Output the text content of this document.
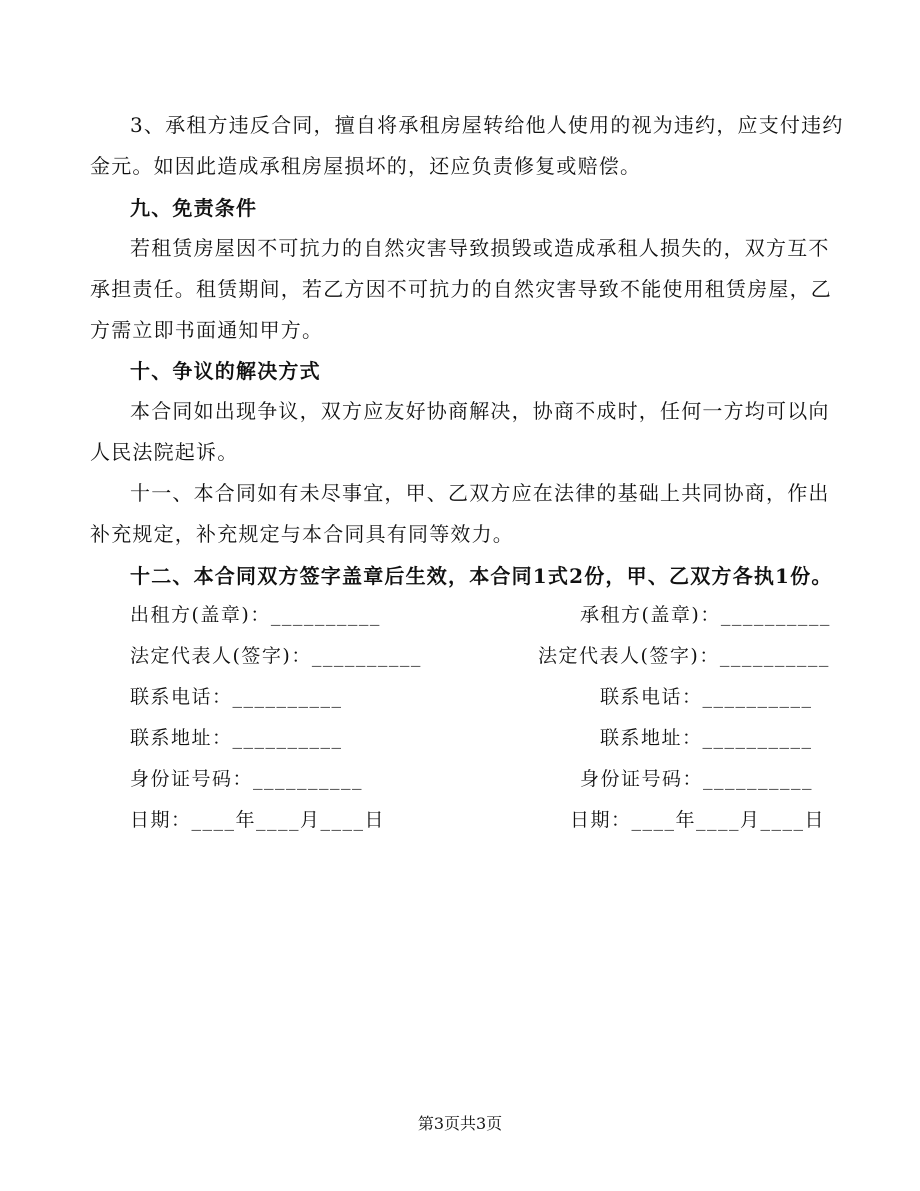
3、承租方违反合同，擅自将承租房屋转给他人使用的视为违约，应支付违约
金元。如因此造成承租房屋损坏的，还应负责修复或赔偿。
九、免责条件
若租赁房屋因不可抗力的自然灾害导致损毁或造成承租人损失的，双方互不
承担责任。租赁期间，若乙方因不可抗力的自然灾害导致不能使用租赁房屋，乙
方需立即书面通知甲方。
十、争议的解决方式
本合同如出现争议，双方应友好协商解决，协商不成时，任何一方均可以向
人民法院起诉。
十一、本合同如有未尽事宜，甲、乙双方应在法律的基础上共同协商，作出
补充规定，补充规定与本合同具有同等效力。
十二、本合同双方签字盖章后生效，本合同1式2份，甲、乙双方各执1份。
出租方(盖章)：__________
法定代表人(签字)：__________
联系电话：__________
联系地址：__________
身份证号码：__________
日期：____年____月____日
承租方(盖章)：__________
法定代表人(签字)：__________
联系电话：__________
联系地址：__________
身份证号码：__________
日期：____年____月____日
第3页共3页
